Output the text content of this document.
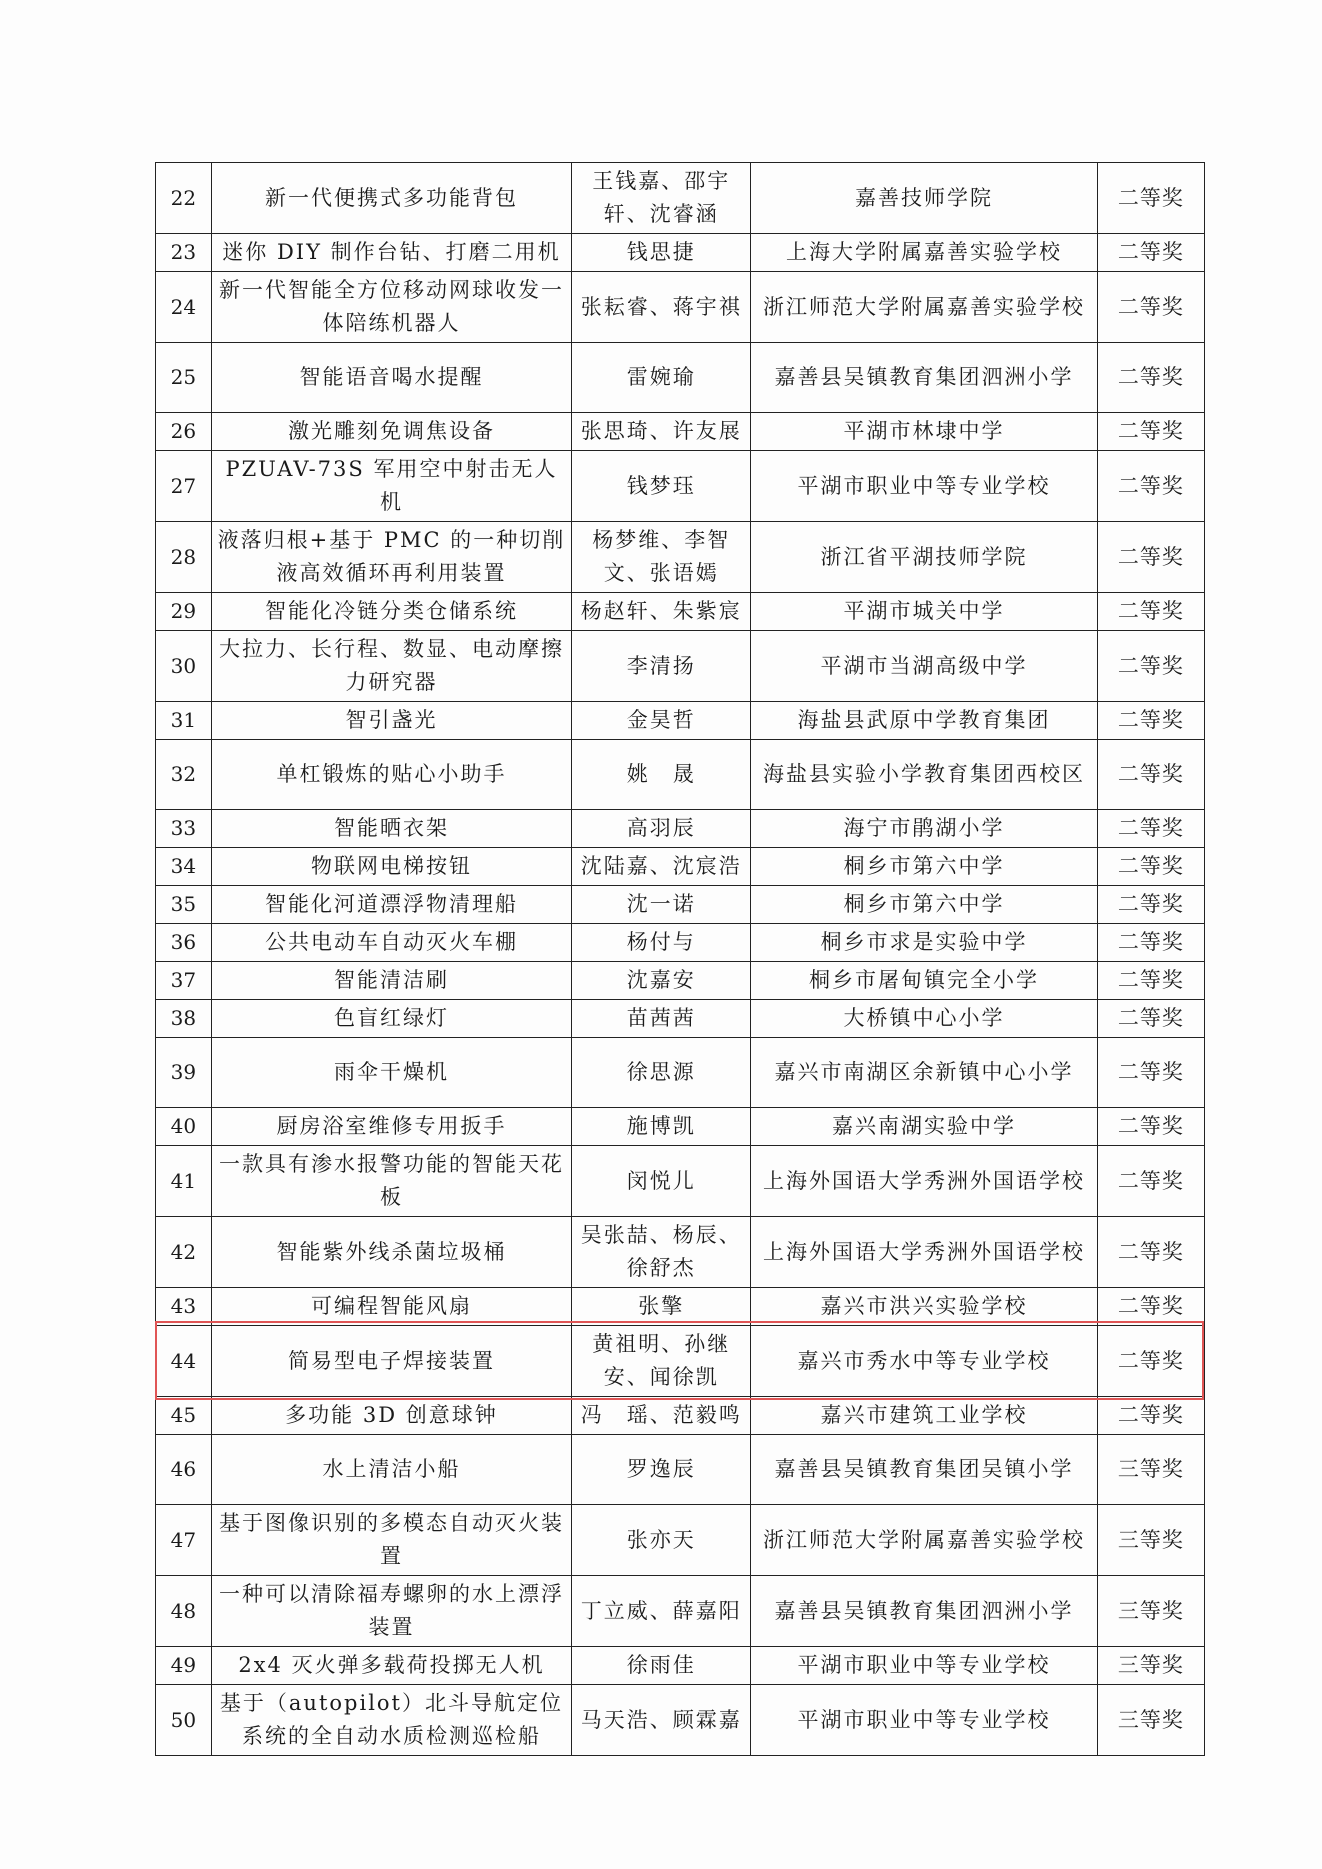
22	新一代便携式多功能背包	王钱嘉、邵宇轩、沈睿涵	嘉善技师学院	二等奖
23	迷你 DIY 制作台钻、打磨二用机	钱思捷	上海大学附属嘉善实验学校	二等奖
24	新一代智能全方位移动网球收发一体陪练机器人	张耘睿、蒋宇祺	浙江师范大学附属嘉善实验学校	二等奖
25	智能语音喝水提醒	雷婉瑜	嘉善县吴镇教育集团泗洲小学	二等奖
26	激光雕刻免调焦设备	张思琦、许友展	平湖市林埭中学	二等奖
27	PZUAV-73S 军用空中射击无人机	钱梦珏	平湖市职业中等专业学校	二等奖
28	液落归根+基于 PMC 的一种切削液高效循环再利用装置	杨梦维、李智文、张语嫣	浙江省平湖技师学院	二等奖
29	智能化冷链分类仓储系统	杨赵轩、朱紫宸	平湖市城关中学	二等奖
30	大拉力、长行程、数显、电动摩擦力研究器	李清扬	平湖市当湖高级中学	二等奖
31	智引盏光	金昊哲	海盐县武原中学教育集团	二等奖
32	单杠锻炼的贴心小助手	姚　晟	海盐县实验小学教育集团西校区	二等奖
33	智能晒衣架	高羽辰	海宁市鹃湖小学	二等奖
34	物联网电梯按钮	沈陆嘉、沈宸浩	桐乡市第六中学	二等奖
35	智能化河道漂浮物清理船	沈一诺	桐乡市第六中学	二等奖
36	公共电动车自动灭火车棚	杨付与	桐乡市求是实验中学	二等奖
37	智能清洁刷	沈嘉安	桐乡市屠甸镇完全小学	二等奖
38	色盲红绿灯	苗茜茜	大桥镇中心小学	二等奖
39	雨伞干燥机	徐思源	嘉兴市南湖区余新镇中心小学	二等奖
40	厨房浴室维修专用扳手	施博凯	嘉兴南湖实验中学	二等奖
41	一款具有渗水报警功能的智能天花板	闵悦儿	上海外国语大学秀洲外国语学校	二等奖
42	智能紫外线杀菌垃圾桶	吴张喆、杨辰、徐舒杰	上海外国语大学秀洲外国语学校	二等奖
43	可编程智能风扇	张擎	嘉兴市洪兴实验学校	二等奖
44	简易型电子焊接装置	黄祖明、孙继安、闻徐凯	嘉兴市秀水中等专业学校	二等奖
45	多功能 3D 创意球钟	冯　瑶、范毅鸣	嘉兴市建筑工业学校	二等奖
46	水上清洁小船	罗逸辰	嘉善县吴镇教育集团吴镇小学	三等奖
47	基于图像识别的多模态自动灭火装置	张亦天	浙江师范大学附属嘉善实验学校	三等奖
48	一种可以清除福寿螺卵的水上漂浮装置	丁立威、薛嘉阳	嘉善县吴镇教育集团泗洲小学	三等奖
49	2x4 灭火弹多载荷投掷无人机	徐雨佳	平湖市职业中等专业学校	三等奖
50	基于（autopilot）北斗导航定位系统的全自动水质检测巡检船	马天浩、顾霖嘉	平湖市职业中等专业学校	三等奖
